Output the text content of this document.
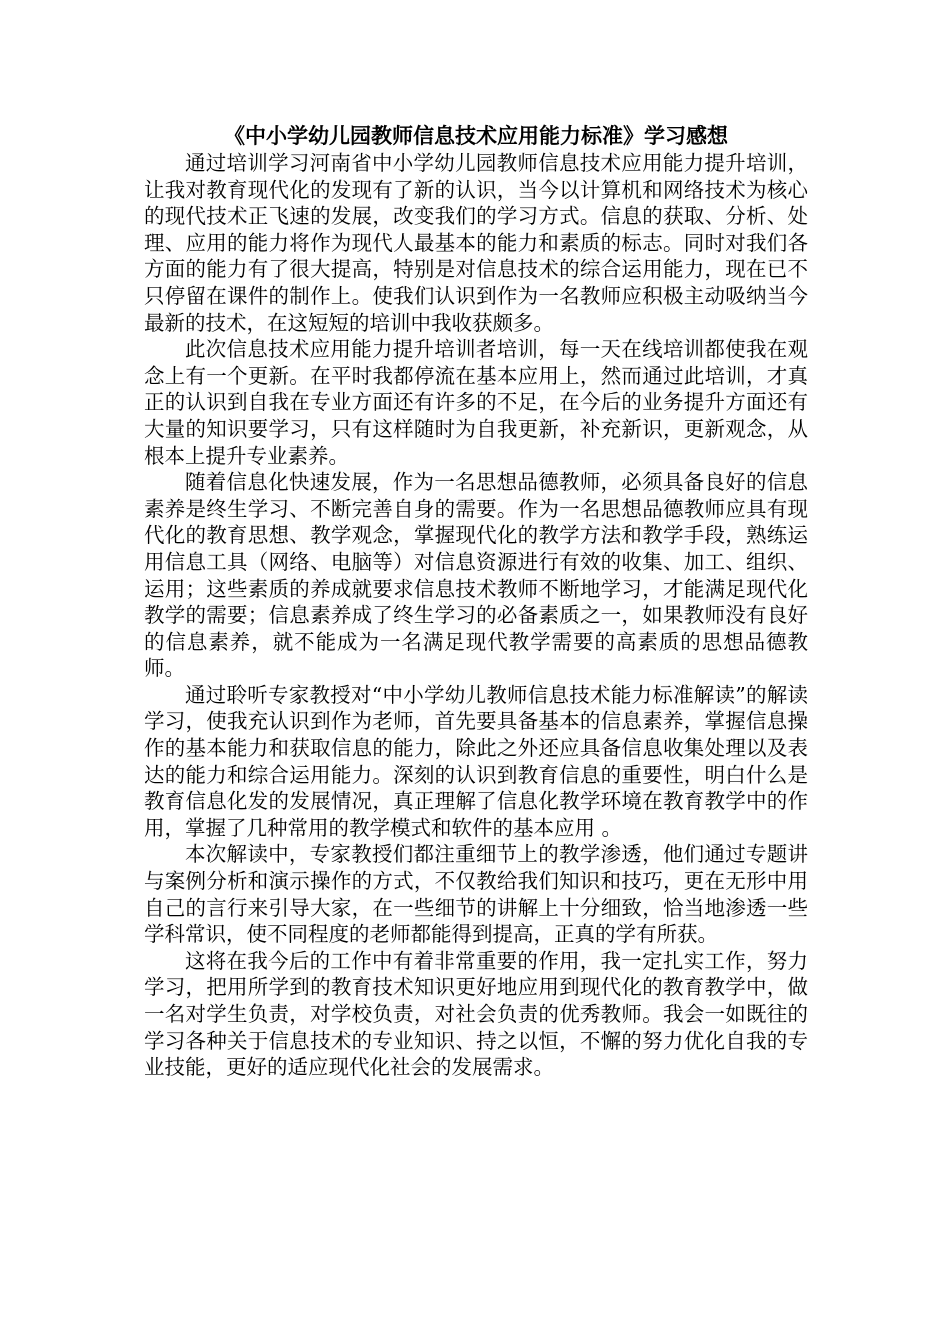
《中小学幼儿园教师信息技术应用能力标准》学习感想

通过培训学习河南省中小学幼儿园教师信息技术应用能力提升培训，让我对教育现代化的发现有了新的认识，当今以计算机和网络技术为核心的现代技术正飞速的发展，改变我们的学习方式。信息的获取、分析、处理、应用的能力将作为现代人最基本的能力和素质的标志。同时对我们各方面的能力有了很大提高，特别是对信息技术的综合运用能力，现在已不只停留在课件的制作上。使我们认识到作为一名教师应积极主动吸纳当今最新的技术，在这短短的培训中我收获颇多。

此次信息技术应用能力提升培训者培训，每一天在线培训都使我在观念上有一个更新。在平时我都停流在基本应用上，然而通过此培训，才真正的认识到自我在专业方面还有许多的不足，在今后的业务提升方面还有大量的知识要学习，只有这样随时为自我更新，补充新识，更新观念，从根本上提升专业素养。

随着信息化快速发展，作为一名思想品德教师，必须具备良好的信息素养是终生学习、不断完善自身的需要。作为一名思想品德教师应具有现代化的教育思想、教学观念，掌握现代化的教学方法和教学手段，熟练运用信息工具（网络、电脑等）对信息资源进行有效的收集、加工、组织、运用；这些素质的养成就要求信息技术教师不断地学习，才能满足现代化教学的需要；信息素养成了终生学习的必备素质之一，如果教师没有良好的信息素养，就不能成为一名满足现代教学需要的高素质的思想品德教师。

通过聆听专家教授对“中小学幼儿教师信息技术能力标准解读”的解读学习，使我充认识到作为老师，首先要具备基本的信息素养，掌握信息操作的基本能力和获取信息的能力，除此之外还应具备信息收集处理以及表达的能力和综合运用能力。深刻的认识到教育信息的重要性，明白什么是教育信息化发的发展情况，真正理解了信息化教学环境在教育教学中的作用，掌握了几种常用的教学模式和软件的基本应用 。

本次解读中，专家教授们都注重细节上的教学渗透，他们通过专题讲与案例分析和演示操作的方式，不仅教给我们知识和技巧，更在无形中用自己的言行来引导大家，在一些细节的讲解上十分细致，恰当地渗透一些学科常识，使不同程度的老师都能得到提高，正真的学有所获。

这将在我今后的工作中有着非常重要的作用，我一定扎实工作，努力学习，把用所学到的教育技术知识更好地应用到现代化的教育教学中，做一名对学生负责，对学校负责，对社会负责的优秀教师。我会一如既往的学习各种关于信息技术的专业知识、持之以恒，不懈的努力优化自我的专业技能，更好的适应现代化社会的发展需求。
